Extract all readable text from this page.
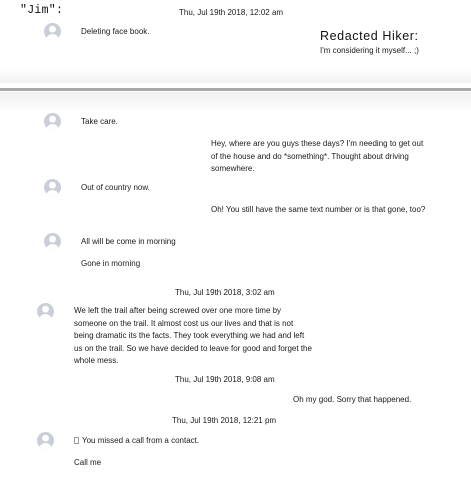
"Jim":	Thu, Jul 19th 2018, 12:02 am
Deleting face book.	Redacted Hiker:
I'm considering it myself... ;)
Take care.
Hey, where are you guys these days? I'm needing to get out of the house and do *something*. Thought about driving somewhere.
Out of country now.
Oh! You still have the same text number or is that gone, too?
All will be come in morning
Gone in morning
Thu, Jul 19th 2018, 3:02 am
We left the trail after being screwed over one more time by someone on the trail. It almost cost us our lives and that is not being dramatic its the facts. They took everything we had and left us on the trail. So we have decided to leave for good and forget the whole mess.
Thu, Jul 19th 2018, 9:08 am
Oh my god. Sorry that happened.
Thu, Jul 19th 2018, 12:21 pm
You missed a call from a contact.
Call me
